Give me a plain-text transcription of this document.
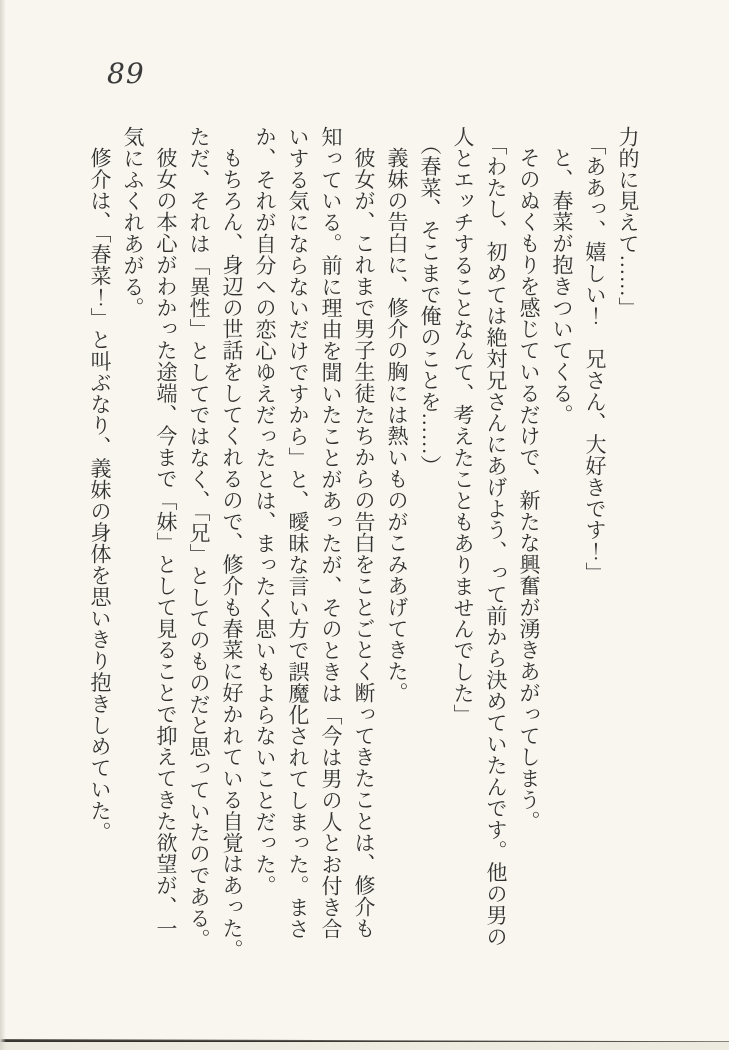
89
力的に見えて……」
「ああっ、嬉しい！　兄さん、大好きです！」
と、春菜が抱きついてくる。
そのぬくもりを感じているだけで、新たな興奮が湧きあがってしまう。
「わたし、初めては絶対兄さんにあげよう、って前から決めていたんです。他の男の
人とエッチすることなんて、考えたこともありませんでした」
（春菜、そこまで俺のことを……）
義妹の告白に、修介の胸には熱いものがこみあげてきた。
彼女が、これまで男子生徒たちからの告白をことごとく断ってきたことは、修介も
知っている。前に理由を聞いたことがあったが、そのときは「今は男の人とお付き合
いする気にならないだけですから」と、曖昧な言い方で誤魔化されてしまった。まさ
か、それが自分への恋心ゆえだったとは、まったく思いもよらないことだった。
もちろん、身辺の世話をしてくれるので、修介も春菜に好かれている自覚はあった。
ただ、それは「異性」としてではなく、「兄」としてのものだと思っていたのである。
彼女の本心がわかった途端、今まで「妹」として見ることで抑えてきた欲望が、一
気にふくれあがる。
修介は、「春菜！」と叫ぶなり、義妹の身体を思いきり抱きしめていた。
